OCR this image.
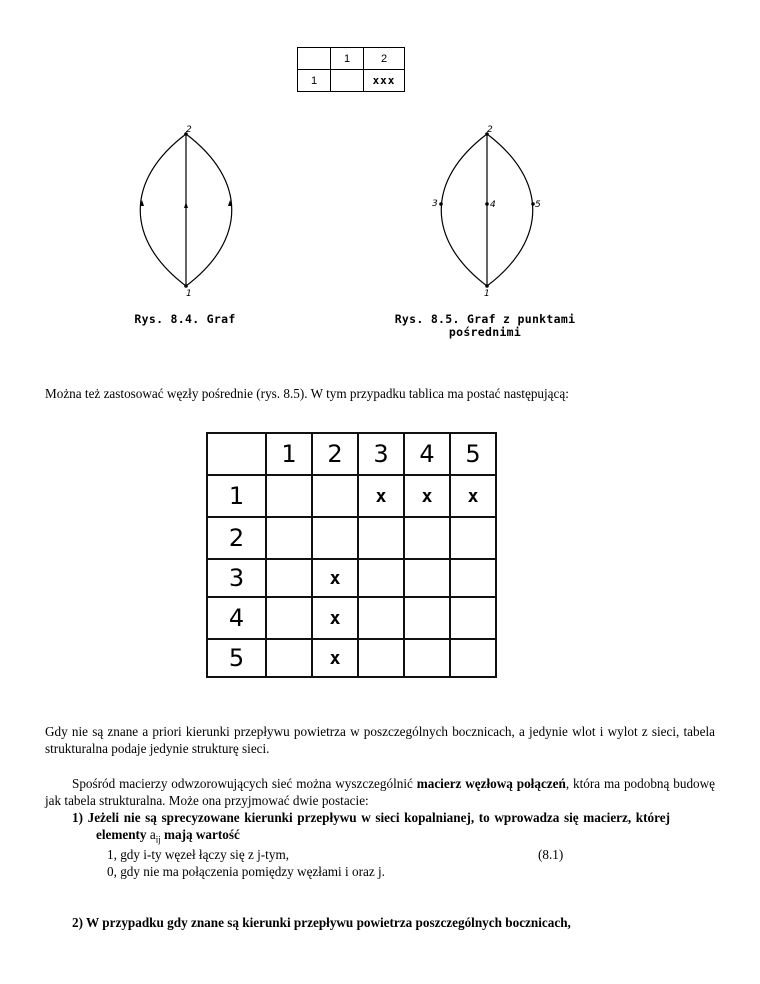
	1	2
1		xxx
2
1
Rys. 8.4. Graf
2
1
3	4	5
Rys. 8.5. Graf z punktami
pośrednimi
Można też zastosować węzły pośrednie (rys. 8.5). W tym przypadku tablica ma postać następującą:
	1	2	3	4	5
1			x	x	x
2					
3		x			
4		x			
5		x			
Gdy nie są znane a priori kierunki przepływu powietrza w poszczególnych bocznicach, a jedynie wlot i wylot z sieci, tabela strukturalna podaje jedynie strukturę sieci.
Spośród macierzy odwzorowujących sieć można wyszczególnić macierz węzłową połączeń, która ma podobną budowę jak tabela strukturalna. Może ona przyjmować dwie postacie:
1) Jeżeli nie są sprecyzowane kierunki przepływu w sieci kopalnianej, to wprowadza się macierz, której elementy $a_{ij}$ mają wartość
1, gdy i-ty węzeł łączy się z j-tym,	(8.1)
0, gdy nie ma połączenia pomiędzy węzłami i oraz j.
2) W przypadku gdy znane są kierunki przepływu powietrza poszczególnych bocznicach,
